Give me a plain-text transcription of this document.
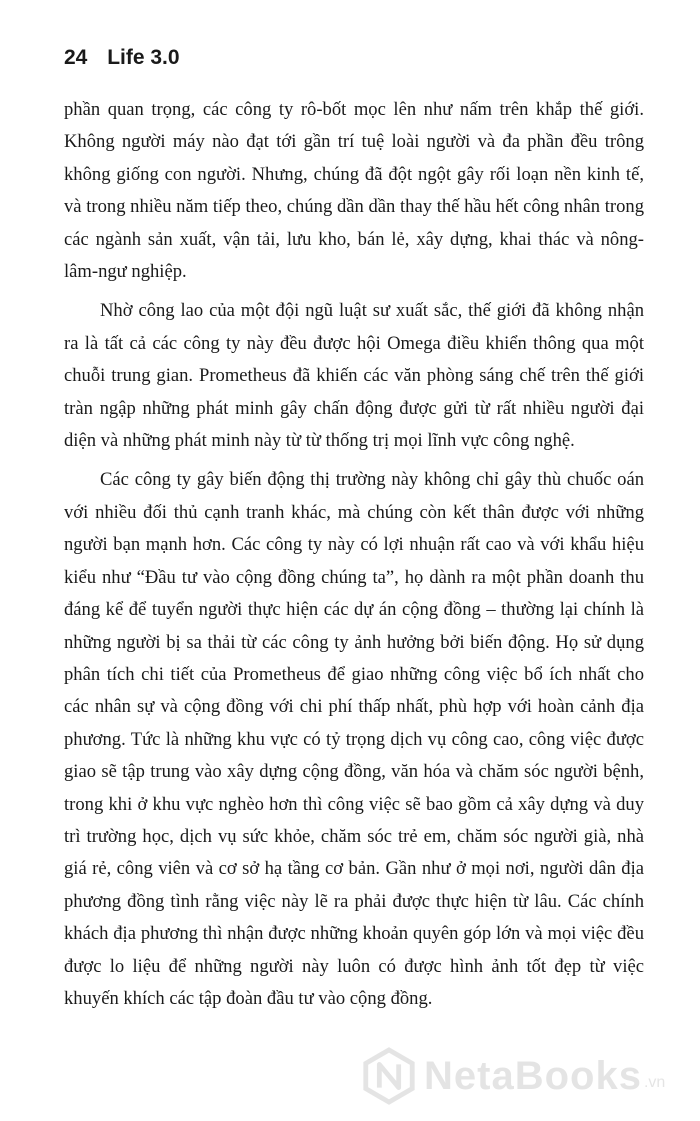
24 Life 3.0

phần quan trọng, các công ty rô-bốt mọc lên như nấm trên khắp thế giới. Không người máy nào đạt tới gần trí tuệ loài người và đa phần đều trông không giống con người. Nhưng, chúng đã đột ngột gây rối loạn nền kinh tế, và trong nhiều năm tiếp theo, chúng dần dần thay thế hầu hết công nhân trong các ngành sản xuất, vận tải, lưu kho, bán lẻ, xây dựng, khai thác và nông-lâm-ngư nghiệp.

Nhờ công lao của một đội ngũ luật sư xuất sắc, thế giới đã không nhận ra là tất cả các công ty này đều được hội Omega điều khiển thông qua một chuỗi trung gian. Prometheus đã khiến các văn phòng sáng chế trên thế giới tràn ngập những phát minh gây chấn động được gửi từ rất nhiều người đại diện và những phát minh này từ từ thống trị mọi lĩnh vực công nghệ.

Các công ty gây biến động thị trường này không chỉ gây thù chuốc oán với nhiều đối thủ cạnh tranh khác, mà chúng còn kết thân được với những người bạn mạnh hơn. Các công ty này có lợi nhuận rất cao và với khẩu hiệu kiểu như “Đầu tư vào cộng đồng chúng ta”, họ dành ra một phần doanh thu đáng kể để tuyển người thực hiện các dự án cộng đồng – thường lại chính là những người bị sa thải từ các công ty ảnh hưởng bởi biến động. Họ sử dụng phân tích chi tiết của Prometheus để giao những công việc bổ ích nhất cho các nhân sự và cộng đồng với chi phí thấp nhất, phù hợp với hoàn cảnh địa phương. Tức là những khu vực có tỷ trọng dịch vụ công cao, công việc được giao sẽ tập trung vào xây dựng cộng đồng, văn hóa và chăm sóc người bệnh, trong khi ở khu vực nghèo hơn thì công việc sẽ bao gồm cả xây dựng và duy trì trường học, dịch vụ sức khỏe, chăm sóc trẻ em, chăm sóc người già, nhà giá rẻ, công viên và cơ sở hạ tầng cơ bản. Gần như ở mọi nơi, người dân địa phương đồng tình rằng việc này lẽ ra phải được thực hiện từ lâu. Các chính khách địa phương thì nhận được những khoản quyên góp lớn và mọi việc đều được lo liệu để những người này luôn có được hình ảnh tốt đẹp từ việc khuyến khích các tập đoàn đầu tư vào cộng đồng.

NetaBooks .vn
